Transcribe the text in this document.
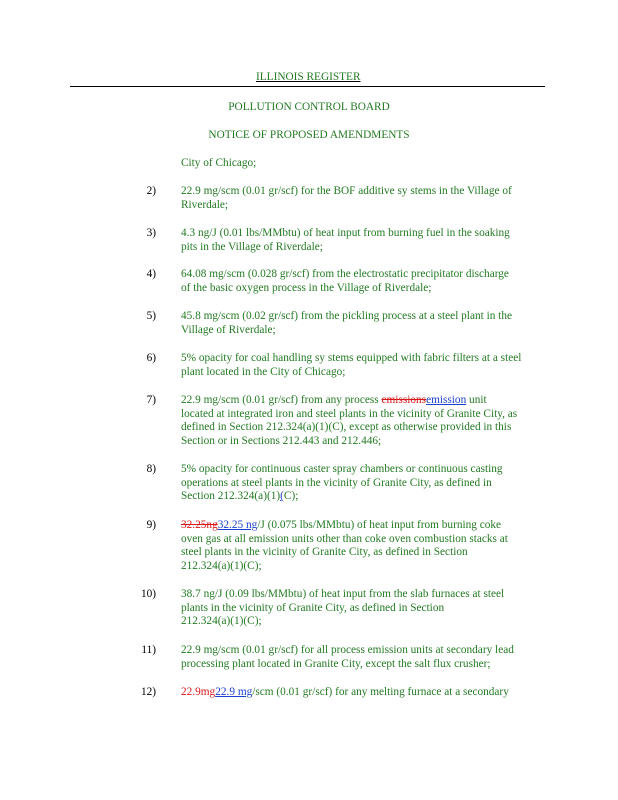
ILLINOIS REGISTER
POLLUTION CONTROL BOARD
NOTICE OF PROPOSED AMENDMENTS
City of Chicago;
2) 22.9 mg/scm (0.01 gr/scf) for the BOF additive sy stems in the Village of
Riverdale;
3) 4.3 ng/J (0.01 lbs/MMbtu) of heat input from burning fuel in the soaking
pits in the Village of Riverdale;
4) 64.08 mg/scm (0.028 gr/scf) from the electrostatic precipitator discharge
of the basic oxygen process in the Village of Riverdale;
5) 45.8 mg/scm (0.02 gr/scf) from the pickling process at a steel plant in the
Village of Riverdale;
6) 5% opacity for coal handling sy stems equipped with fabric filters at a steel
plant located in the City of Chicago;
7) 22.9 mg/scm (0.01 gr/scf) from any process emissionsemission unit
located at integrated iron and steel plants in the vicinity of Granite City, as
defined in Section 212.324(a)(1)(C), except as otherwise provided in this
Section or in Sections 212.443 and 212.446;
8) 5% opacity for continuous caster spray chambers or continuous casting
operations at steel plants in the vicinity of Granite City, as defined in
Section 212.324(a)(1)(C);
9) 32.25ng32.25 ng/J (0.075 lbs/MMbtu) of heat input from burning coke
oven gas at all emission units other than coke oven combustion stacks at
steel plants in the vicinity of Granite City, as defined in Section
212.324(a)(1)(C);
10) 38.7 ng/J (0.09 lbs/MMbtu) of heat input from the slab furnaces at steel
plants in the vicinity of Granite City, as defined in Section
212.324(a)(1)(C);
11) 22.9 mg/scm (0.01 gr/scf) for all process emission units at secondary lead
processing plant located in Granite City, except the salt flux crusher;
12) 22.9mg22.9 mg/scm (0.01 gr/scf) for any melting furnace at a secondary
